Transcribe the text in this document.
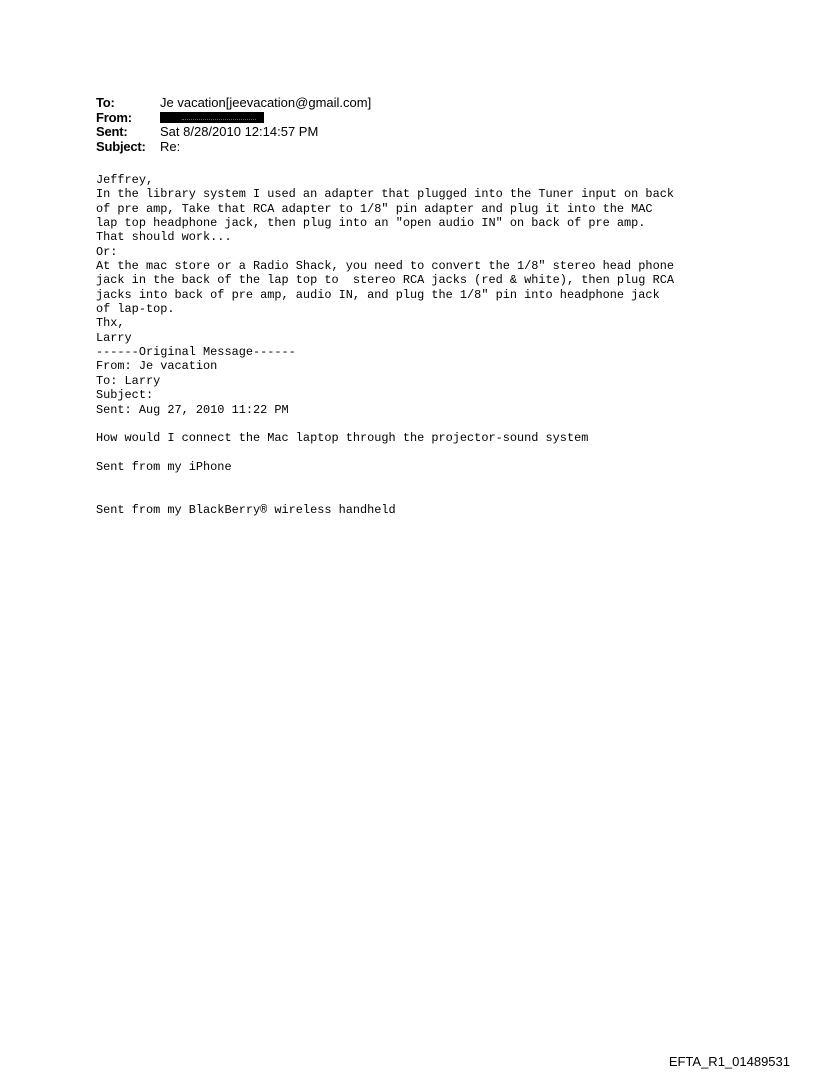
To:	Je vacation[jeevacation@gmail.com]
From:
Sent:	Sat 8/28/2010 12:14:57 PM
Subject:	Re:
Jeffrey,
In the library system I used an adapter that plugged into the Tuner input on back
of pre amp, Take that RCA adapter to 1/8" pin adapter and plug it into the MAC
lap top headphone jack, then plug into an "open audio IN" on back of pre amp.
That should work...
Or:
At the mac store or a Radio Shack, you need to convert the 1/8" stereo head phone
jack in the back of the lap top to  stereo RCA jacks (red & white), then plug RCA
jacks into back of pre amp, audio IN, and plug the 1/8" pin into headphone jack
of lap-top.
Thx,
Larry
------Original Message------
From: Je vacation
To: Larry
Subject:
Sent: Aug 27, 2010 11:22 PM
How would I connect the Mac laptop through the projector-sound system
Sent from my iPhone
Sent from my BlackBerry® wireless handheld
EFTA_R1_01489531
